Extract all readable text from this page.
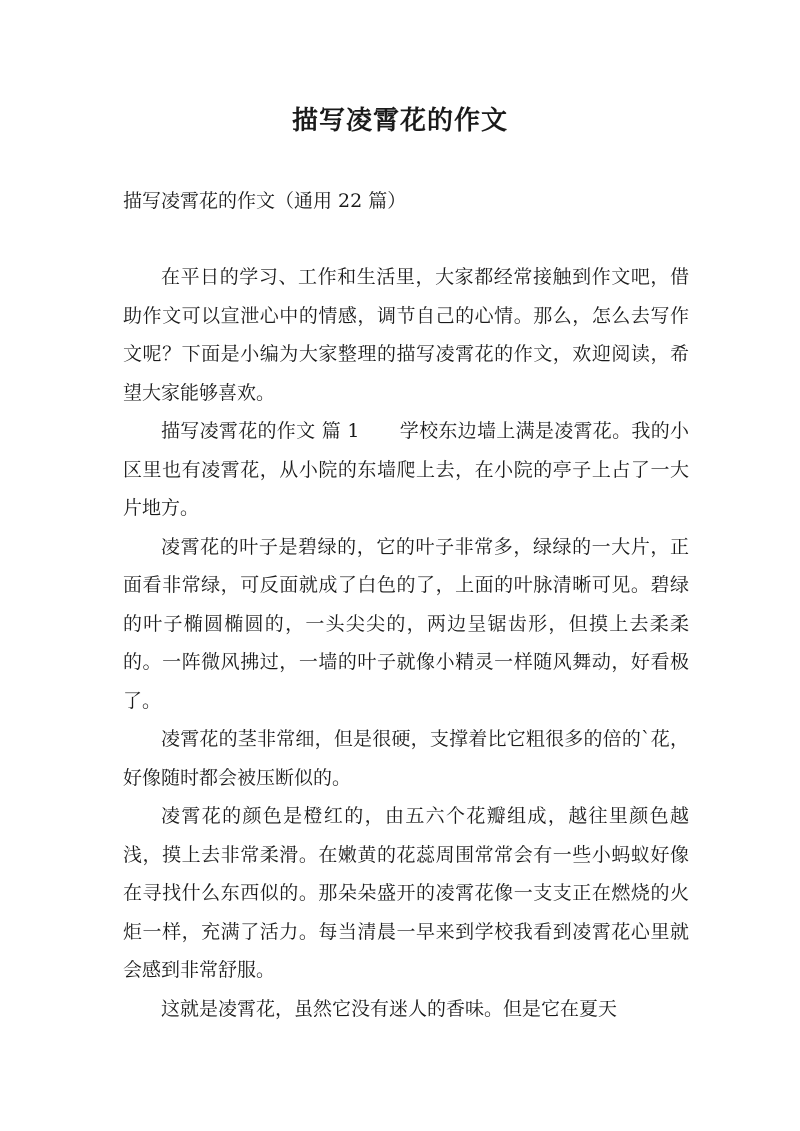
描写凌霄花的作文
描写凌霄花的作文（通用 22 篇）

在平日的学习、工作和生活里，大家都经常接触到作文吧，借助作文可以宣泄心中的情感，调节自己的心情。那么，怎么去写作文呢？下面是小编为大家整理的描写凌霄花的作文，欢迎阅读，希望大家能够喜欢。

描写凌霄花的作文 篇 1 学校东边墙上满是凌霄花。我的小区里也有凌霄花，从小院的东墙爬上去，在小院的亭子上占了一大片地方。

凌霄花的叶子是碧绿的，它的叶子非常多，绿绿的一大片，正面看非常绿，可反面就成了白色的了，上面的叶脉清晰可见。碧绿的叶子椭圆椭圆的，一头尖尖的，两边呈锯齿形，但摸上去柔柔的。一阵微风拂过，一墙的叶子就像小精灵一样随风舞动，好看极了。

凌霄花的茎非常细，但是很硬，支撑着比它粗很多的倍的`花，好像随时都会被压断似的。

凌霄花的颜色是橙红的，由五六个花瓣组成，越往里颜色越浅，摸上去非常柔滑。在嫩黄的花蕊周围常常会有一些小蚂蚁好像在寻找什么东西似的。那朵朵盛开的凌霄花像一支支正在燃烧的火炬一样，充满了活力。每当清晨一早来到学校我看到凌霄花心里就会感到非常舒服。

这就是凌霄花，虽然它没有迷人的香味。但是它在夏天
